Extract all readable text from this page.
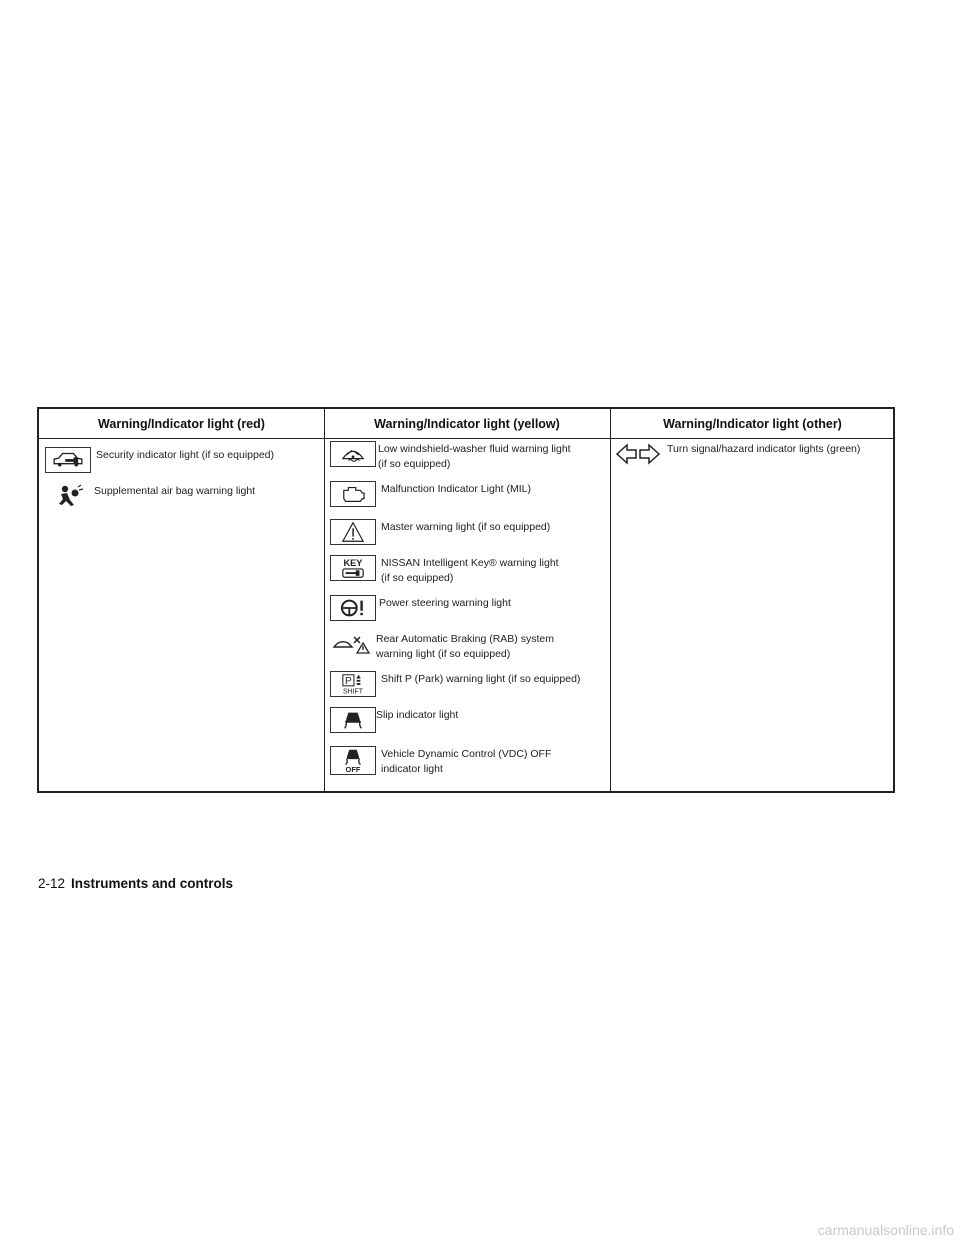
Warning/Indicator light (red)	Warning/Indicator light (yellow)	Warning/Indicator light (other)
Security indicator light (if so equipped)
Supplemental air bag warning light
Low windshield-washer fluid warning light
(if so equipped)
Malfunction Indicator Light (MIL)
Master warning light (if so equipped)
KEY NISSAN Intelligent Key® warning light
(if so equipped)
Power steering warning light
Rear Automatic Braking (RAB) system
warning light (if so equipped)
P
SHIFT
Shift P (Park) warning light (if so equipped)
Slip indicator light
OFF
Vehicle Dynamic Control (VDC) OFF
indicator light
Turn signal/hazard indicator lights (green)
2-12 Instruments and controls
carmanualsonline.info
